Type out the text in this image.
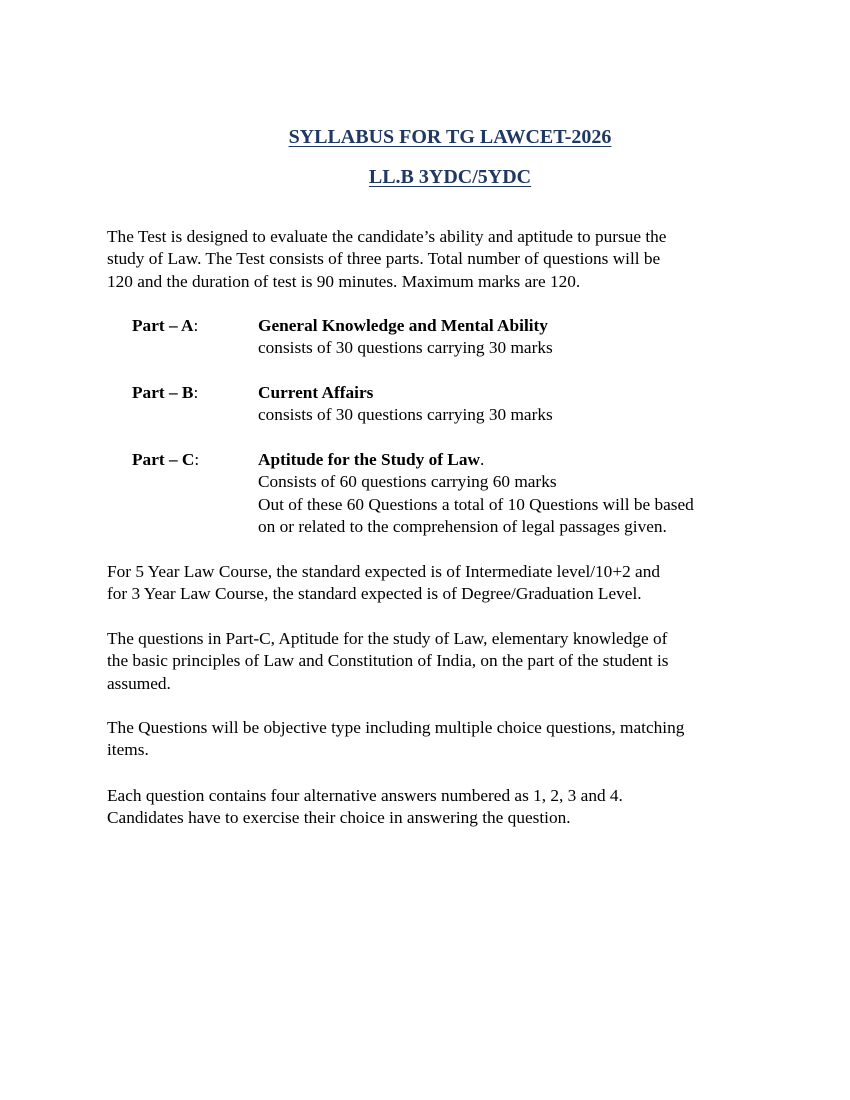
SYLLABUS FOR TG LAWCET-2026
LL.B 3YDC/5YDC

The Test is designed to evaluate the candidate’s ability and aptitude to pursue the
study of Law. The Test consists of three parts. Total number of questions will be
120 and the duration of test is 90 minutes. Maximum marks are 120.

Part – A:	General Knowledge and Mental Ability
consists of 30 questions carrying 30 marks
Part – B:	Current Affairs
consists of 30 questions carrying 30 marks
Part – C:	Aptitude for the Study of Law.
Consists of 60 questions carrying 60 marks
Out of these 60 Questions a total of 10 Questions will be based
on or related to the comprehension of legal passages given.

For 5 Year Law Course, the standard expected is of Intermediate level/10+2 and
for 3 Year Law Course, the standard expected is of Degree/Graduation Level.

The questions in Part-C, Aptitude for the study of Law, elementary knowledge of
the basic principles of Law and Constitution of India, on the part of the student is
assumed.

The Questions will be objective type including multiple choice questions, matching
items.

Each question contains four alternative answers numbered as 1, 2, 3 and 4.
Candidates have to exercise their choice in answering the question.
